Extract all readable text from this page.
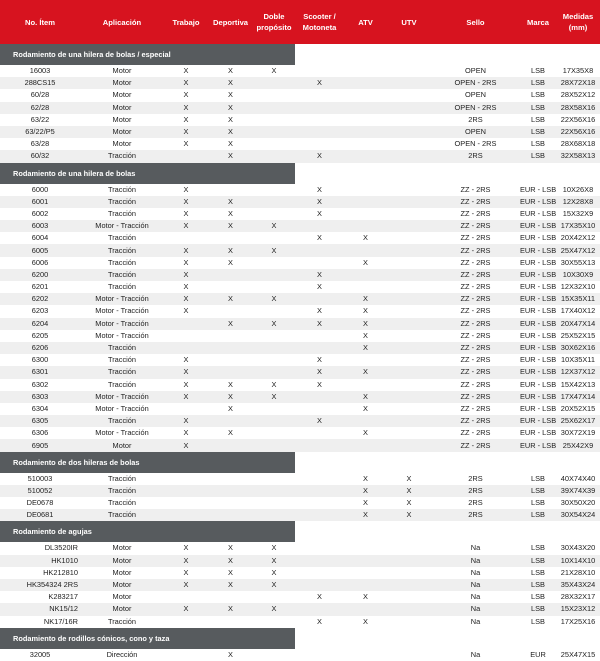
No. Ítem	Aplicación	Trabajo	Deportiva	Doble propósito	Scooter / Motoneta	ATV	UTV	Sello	Marca	Medidas (mm)
Rodamiento de una hilera de bolas / especial										
16003	Motor	X	X	X				OPEN	LSB	17X35X8
288CS15	Motor	X	X		X			OPEN - 2RS	LSB	28X72X18
60/28	Motor	X	X					OPEN	LSB	28X52X12
62/28	Motor	X	X					OPEN - 2RS	LSB	28X58X16
63/22	Motor	X	X					2RS	LSB	22X56X16
63/22/P5	Motor	X	X					OPEN	LSB	22X56X16
63/28	Motor	X	X					OPEN - 2RS	LSB	28X68X18
60/32	Tracción		X		X			2RS	LSB	32X58X13
Rodamiento de una hilera de bolas										
6000	Tracción	X			X			ZZ - 2RS	EUR - LSB	10X26X8
6001	Tracción	X	X		X			ZZ - 2RS	EUR - LSB	12X28X8
6002	Tracción	X	X		X			ZZ - 2RS	EUR - LSB	15X32X9
6003	Motor - Tracción	X	X	X				ZZ - 2RS	EUR - LSB	17X35X10
6004	Tracción				X	X		ZZ - 2RS	EUR - LSB	20X42X12
6005	Tracción	X	X	X				ZZ - 2RS	EUR - LSB	25X47X12
6006	Tracción	X	X			X		ZZ - 2RS	EUR - LSB	30X55X13
6200	Tracción	X			X			ZZ - 2RS	EUR - LSB	10X30X9
6201	Tracción	X			X			ZZ - 2RS	EUR - LSB	12X32X10
6202	Motor - Tracción	X	X	X		X		ZZ - 2RS	EUR - LSB	15X35X11
6203	Motor - Tracción	X			X	X		ZZ - 2RS	EUR - LSB	17X40X12
6204	Motor - Tracción		X	X	X	X		ZZ - 2RS	EUR - LSB	20X47X14
6205	Motor - Tracción					X		ZZ - 2RS	EUR - LSB	25X52X15
6206	Tracción					X		ZZ - 2RS	EUR - LSB	30X62X16
6300	Tracción	X			X			ZZ - 2RS	EUR - LSB	10X35X11
6301	Tracción	X			X	X		ZZ - 2RS	EUR - LSB	12X37X12
6302	Tracción	X	X	X	X			ZZ - 2RS	EUR - LSB	15X42X13
6303	Motor - Tracción	X	X	X		X		ZZ - 2RS	EUR - LSB	17X47X14
6304	Motor - Tracción		X			X		ZZ - 2RS	EUR - LSB	20X52X15
6305	Tracción	X			X			ZZ - 2RS	EUR - LSB	25X62X17
6306	Motor - Tracción	X	X			X		ZZ - 2RS	EUR - LSB	30X72X19
6905	Motor	X						ZZ - 2RS	EUR - LSB	25X42X9
Rodamiento de dos hileras de bolas										
510003	Tracción					X	X	2RS	LSB	40X74X40
510052	Tracción					X	X	2RS	LSB	39X74X39
DE0678	Tracción					X	X	2RS	LSB	30X50X20
DE0681	Tracción					X	X	2RS	LSB	30X54X24
Rodamiento de agujas										
DL3520IR	Motor	X	X	X				Na	LSB	30X43X20
HK1010	Motor	X	X	X				Na	LSB	10X14X10
HK212810	Motor	X	X	X				Na	LSB	21X28X10
HK354324 2RS	Motor	X	X	X				Na	LSB	35X43X24
K283217	Motor				X	X		Na	LSB	28X32X17
NK15/12	Motor	X	X	X				Na	LSB	15X23X12
NK17/16R	Tracción				X	X		Na	LSB	17X25X16
Rodamiento de rodillos cónicos, cono y taza										
32005	Dirección		X					Na	EUR	25X47X15
